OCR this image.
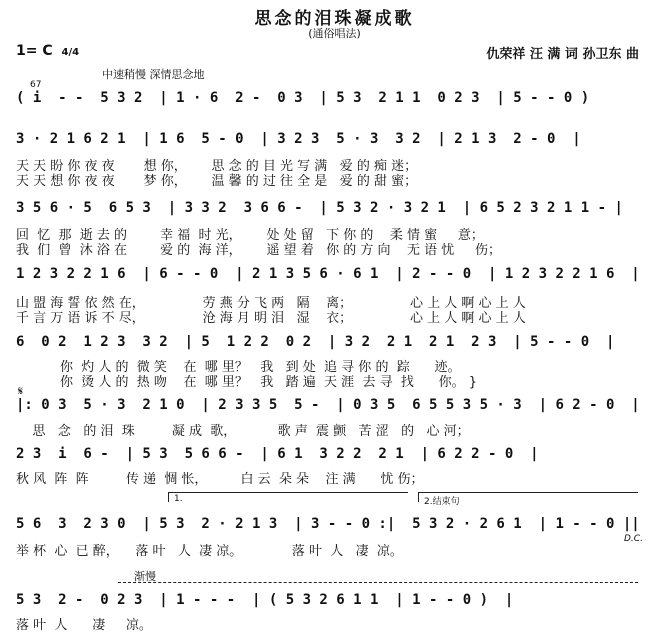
思念的泪珠凝成歌
(通俗唱法)
1= C 4/4	仇荣祥 汪 满 词 孙卫东 曲
中速稍慢 深情思念地
67
( i  - -  5 3 2  | 1 · 6  2 -  0 3  | 5 3  2 1 1  0 2 3  | 5 - - 0 )
3 · 2 1 6 2 1  | 1 6  5 - 0  | 3 2 3  5 · 3  3 2  | 2 1 3  2 - 0  |
天 天 盼 你 夜 夜       想 你，      思 念 的 目 光 写 满   爱 的 痴 迷；
天 天 想 你 夜 夜       梦 你，      温 馨 的 过 往 全 是   爱 的 甜 蜜；
3 5 6 · 5  6 5 3  | 3 3 2  3 6 6 -  | 5 3 2 · 3 2 1  | 6 5 2 3 2 1 1 - |
回  忆  那  逝 去 的        幸 福  时 光，      处 处 留   下 你 的    柔 情 蜜     意；
我  们  曾  沐 浴 在        爱 的  海 洋，      遥 望 着   你 的 方 向    无 语 忧     伤；
1 2 3 2 2 1 6  | 6 - - 0  | 2 1 3 5 6 · 6 1  | 2 - - 0  | 1 2 3 2 2 1 6  |
山 盟 海 誓 依 然 在，              劳 燕 分 飞 两   隔    离；              心 上 人 啊 心 上 人
千 言 万 语 诉 不 尽，              沧 海 月 明 泪   湿    衣；              心 上 人 啊 心 上 人
6  0 2  1 2 3  3 2  | 5  1 2 2  0 2  | 3 2  2 1  2 1  2 3  | 5 - - 0  |
你  灼 人 的  微 笑    在  哪 里？   我   到 处  追 寻 你 的  踪      迹。
你  烫 人 的  热 吻    在  哪 里？   我   踏 遍  天 涯  去 寻  找      你。 }
𝄋
|: 0 3  5 · 3  2 1 0  | 2 3 3 5  5 -  | 0 3 5  6 5 5 3 5 · 3  | 6 2 - 0  |
思   念   的 泪  珠         凝 成  歌，          歌 声  震 颤   苦 涩   的   心 河；
2 3  i  6 -  | 5 3  5 6 6 -  | 6 1  3 2 2  2 1  | 6 2 2 - 0  |
秋 风  阵  阵         传 递  惆 怅，        白 云  朵 朵    注 满      忧 伤；
1.	2.结束句
5 6  3  2 3 0  | 5 3  2 · 2 1 3  | 3 - - 0 :|  5 3 2 · 2 6 1  | 1 - - 0 ||
举 杯  心  已 醉，    落 叶   人  凄 凉。            落 叶  人   凄  凉。
D.C.
渐慢
5 3  2 -  0 2 3  | 1 - - -  | ( 5 3 2 6 1 1  | 1 - - 0 )  |
落 叶  人      凄     凉。
